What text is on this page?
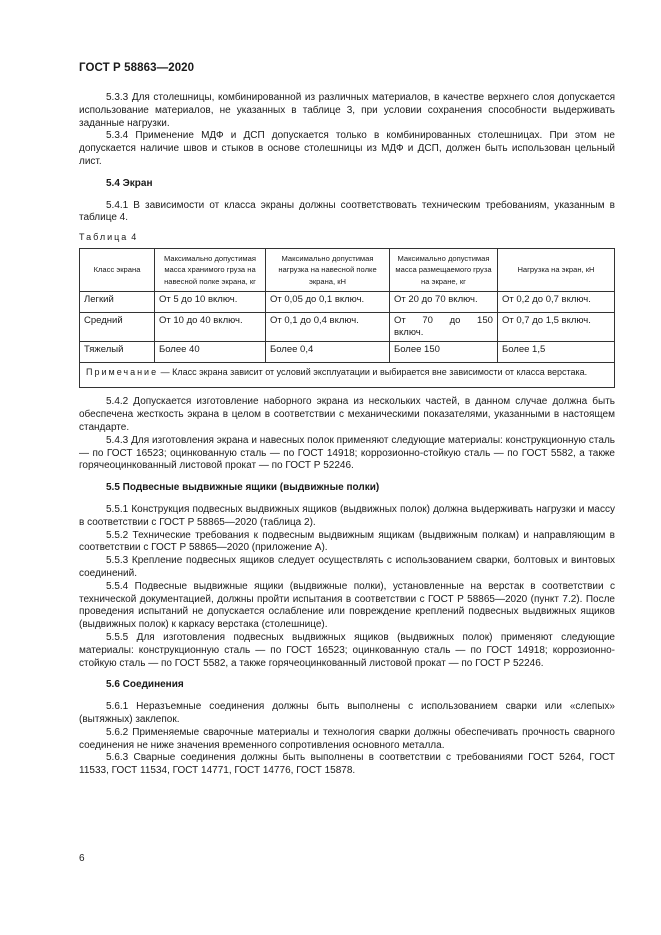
ГОСТ Р 58863—2020

5.3.3 Для столешницы, комбинированной из различных материалов, в качестве верхнего слоя допускается использование материалов, не указанных в таблице 3, при условии сохранения способности выдерживать заданные нагрузки.

5.3.4 Применение МДФ и ДСП допускается только в комбинированных столешницах. При этом не допускается наличие швов и стыков в основе столешницы из МДФ и ДСП, должен быть использован цельный лист.

5.4 Экран

5.4.1 В зависимости от класса экраны должны соответствовать техническим требованиям, указанным в таблице 4.

Таблица 4
Класс экрана	Максимально допустимая масса хранимого груза на навесной полке экрана, кг	Максимально допустимая нагрузка на навесной полке экрана, кН	Максимально допустимая масса размещаемого груза на экране, кг	Нагрузка на экран, кН
Легкий	От 5 до 10 включ.	От 0,05 до 0,1 включ.	От 20 до 70 включ.	От 0,2 до 0,7 включ.
Средний	От 10 до 40 включ.	От 0,1 до 0,4 включ.	От 70 до 150 включ.	От 0,7 до 1,5 включ.
Тяжелый	Более 40	Более 0,4	Более 150	Более 1,5
Примечание — Класс экрана зависит от условий эксплуатации и выбирается вне зависимости от класса верстака.				

5.4.2 Допускается изготовление наборного экрана из нескольких частей, в данном случае должна быть обеспечена жесткость экрана в целом в соответствии с механическими показателями, указанными в настоящем стандарте.

5.4.3 Для изготовления экрана и навесных полок применяют следующие материалы: конструкционную сталь — по ГОСТ 16523; оцинкованную сталь — по ГОСТ 14918; коррозионно-стойкую сталь — по ГОСТ 5582, а также горячеоцинкованный листовой прокат — по ГОСТ Р 52246.

5.5 Подвесные выдвижные ящики (выдвижные полки)

5.5.1 Конструкция подвесных выдвижных ящиков (выдвижных полок) должна выдерживать нагрузки и массу в соответствии с ГОСТ Р 58865—2020 (таблица 2).

5.5.2 Технические требования к подвесным выдвижным ящикам (выдвижным полкам) и направляющим в соответствии с ГОСТ Р 58865—2020 (приложение А).

5.5.3 Крепление подвесных ящиков следует осуществлять с использованием сварки, болтовых и винтовых соединений.

5.5.4 Подвесные выдвижные ящики (выдвижные полки), установленные на верстак в соответствии с технической документацией, должны пройти испытания в соответствии с ГОСТ Р 58865—2020 (пункт 7.2). После проведения испытаний не допускается ослабление или повреждение креплений подвесных выдвижных ящиков (выдвижных полок) к каркасу верстака (столешнице).

5.5.5 Для изготовления подвесных выдвижных ящиков (выдвижных полок) применяют следующие материалы: конструкционную сталь — по ГОСТ 16523; оцинкованную сталь — по ГОСТ 14918; коррозионно-стойкую сталь — по ГОСТ 5582, а также горячеоцинкованный листовой прокат — по ГОСТ Р 52246.

5.6 Соединения

5.6.1 Неразъемные соединения должны быть выполнены с использованием сварки или «слепых» (вытяжных) заклепок.

5.6.2 Применяемые сварочные материалы и технология сварки должны обеспечивать прочность сварного соединения не ниже значения временного сопротивления основного металла.

5.6.3 Сварные соединения должны быть выполнены в соответствии с требованиями ГОСТ 5264, ГОСТ 11533, ГОСТ 11534, ГОСТ 14771, ГОСТ 14776, ГОСТ 15878.

6
